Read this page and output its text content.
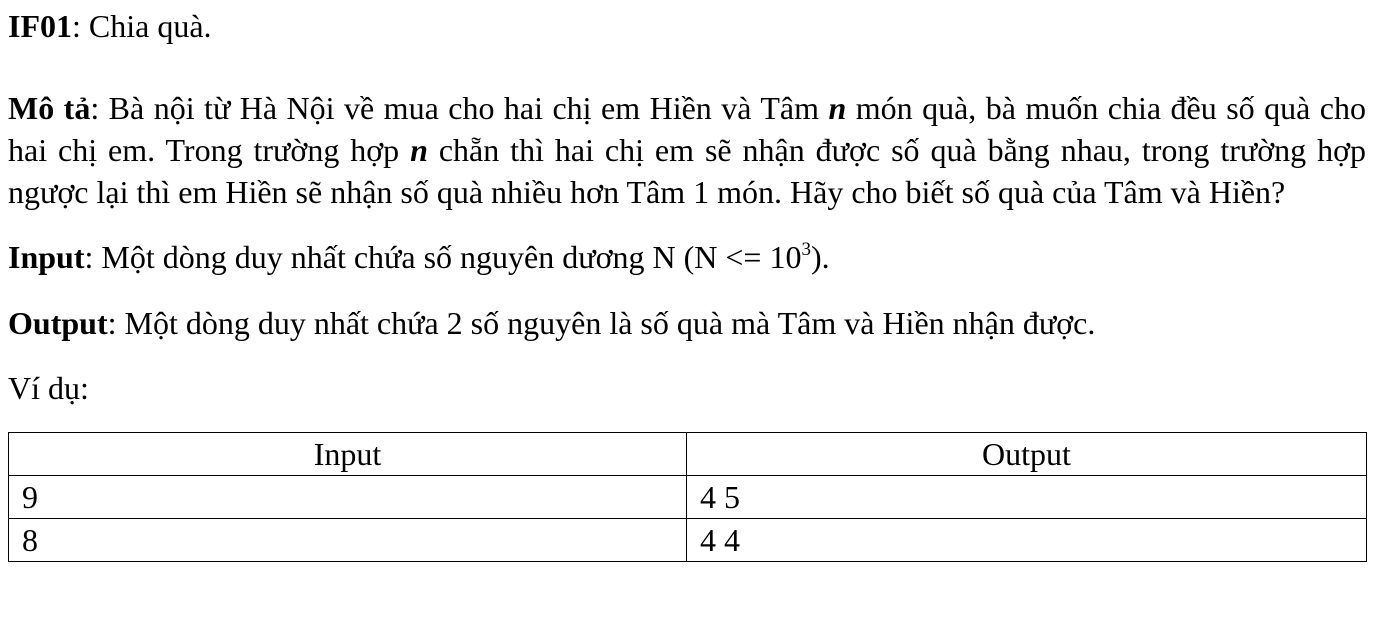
IF01: Chia quà.

Mô tả: Bà nội từ Hà Nội về mua cho hai chị em Hiền và Tâm n món quà, bà muốn chia đều số quà cho hai chị em. Trong trường hợp n chẵn thì hai chị em sẽ nhận được số quà bằng nhau, trong trường hợp ngược lại thì em Hiền sẽ nhận số quà nhiều hơn Tâm 1 món. Hãy cho biết số quà của Tâm và Hiền?

Input: Một dòng duy nhất chứa số nguyên dương N $(N <= 10^3)$.

Output: Một dòng duy nhất chứa 2 số nguyên là số quà mà Tâm và Hiền nhận được.

Ví dụ:

Input	Output
9	4 5
8	4 4
